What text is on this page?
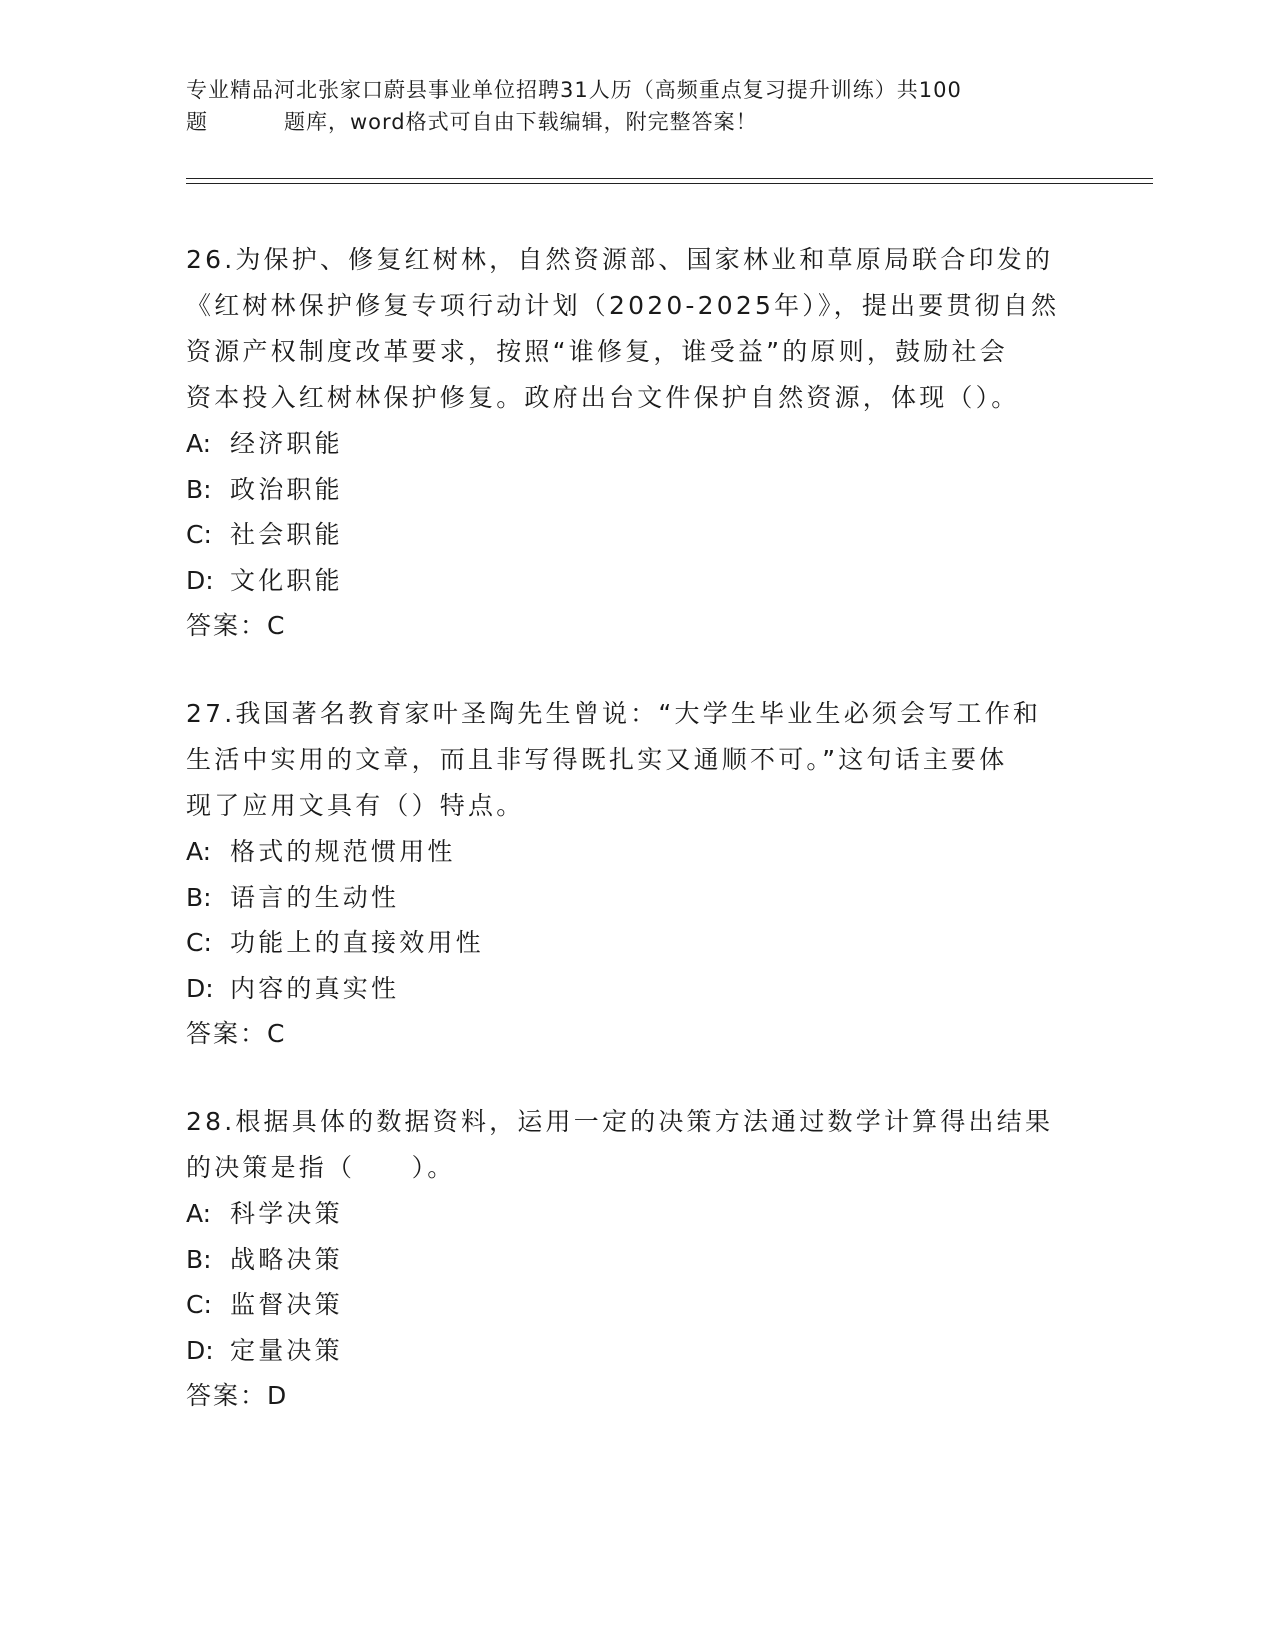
专业精品河北张家口蔚县事业单位招聘31人历（高频重点复习提升训练）共100
题	题库，word格式可自由下载编辑，附完整答案！

26.为保护、修复红树林，自然资源部、国家林业和草原局联合印发的

《红树林保护修复专项行动计划（2020-2025年）》，提出要贯彻自然

资源产权制度改革要求，按照“谁修复，谁受益”的原则，鼓励社会

资本投入红树林保护修复。政府出台文件保护自然资源，体现（）。

A: 经济职能

B: 政治职能

C: 社会职能

D: 文化职能

答案：C

27.我国著名教育家叶圣陶先生曾说：“大学生毕业生必须会写工作和

生活中实用的文章，而且非写得既扎实又通顺不可。”这句话主要体

现了应用文具有（）特点。

A: 格式的规范惯用性

B: 语言的生动性

C: 功能上的直接效用性

D: 内容的真实性

答案：C

28.根据具体的数据资料，运用一定的决策方法通过数学计算得出结果

的决策是指（　　）。

A: 科学决策

B: 战略决策

C: 监督决策

D: 定量决策

答案：D
